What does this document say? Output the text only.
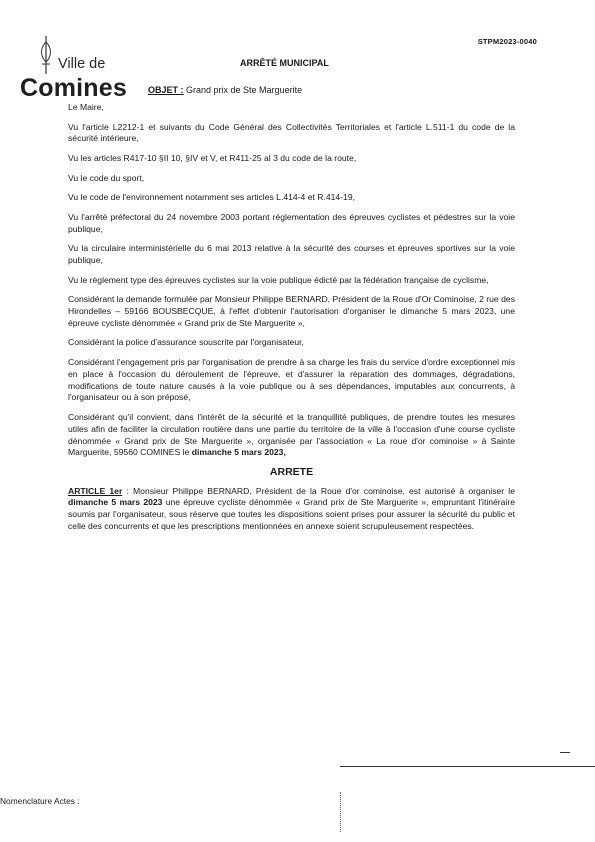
STPM2023-0040
Ville de
Comines
ARRÊTÉ MUNICIPAL
OBJET : Grand prix de Ste Marguerite

Le Maire,

Vu l'article L2212-1 et suivants du Code Général des Collectivités Territoriales et l'article L.511-1 du code de la sécurité intérieure,

Vu les articles R417-10 §II 10, §IV et V, et R411-25 al 3 du code de la route,

Vu le code du sport,

Vu le code de l'environnement notamment ses articles L.414-4 et R.414-19,

Vu l'arrêté préfectoral du 24 novembre 2003 portant réglementation des épreuves cyclistes et pédestres sur la voie publique,

Vu la circulaire interministérielle du 6 mai 2013 relative à la sécurité des courses et épreuves sportives sur la voie publique,

Vu le règlement type des épreuves cyclistes sur la voie publique édicté par la fédération française de cyclisme,

Considérant la demande formulée par Monsieur Philippe BERNARD, Président de la Roue d'Or Cominoise, 2 rue des Hirondelles – 59166 BOUSBECQUE, à l'effet d'obtenir l'autorisation d'organiser le dimanche 5 mars 2023, une épreuve cycliste dénommée « Grand prix de Ste Marguerite »,

Considérant la police d'assurance souscrite par l'organisateur,

Considérant l'engagement pris par l'organisation de prendre à sa charge les frais du service d'ordre exceptionnel mis en place à l'occasion du déroulement de l'épreuve, et d'assurer la réparation des dommages, dégradations, modifications de toute nature causés à la voie publique ou à ses dépendances, imputables aux concurrents, à l'organisateur ou à son préposé,

Considérant qu'il convient, dans l'intérêt de la sécurité et la tranquillité publiques, de prendre toutes les mesures utiles afin de faciliter la circulation routière dans une partie du territoire de la ville à l'occasion d'une course cycliste dénommée « Grand prix de Ste Marguerite », organisée par l'association « La roue d'or cominoise » à Sainte Marguerite, 59560 COMINES le dimanche 5 mars 2023,

ARRETE

ARTICLE 1er : Monsieur Philippe BERNARD, Président de la Roue d'or cominoise, est autorisé à organiser le dimanche 5 mars 2023 une épreuve cycliste dénommée « Grand prix de Ste Marguerite », empruntant l'itinéraire soumis par l'organisateur, sous réserve que toutes les dispositions soient prises pour assurer la sécurité du public et celle des concurrents et que les prescriptions mentionnées en annexe soient scrupuleusement respectées.

Nomenclature Actes :
